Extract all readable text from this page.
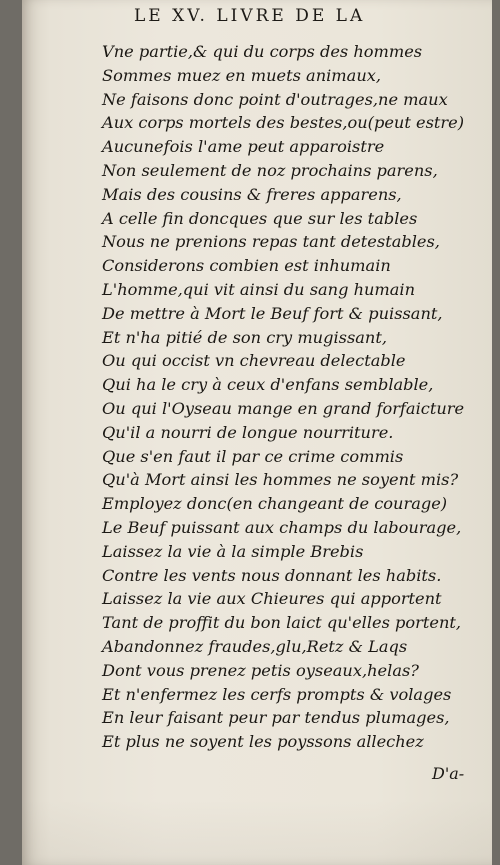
LE XV. LIVRE DE LA
Vne partie,& qui du corps des hommes
Sommes muez en muets animaux,
Ne faisons donc point d'outrages,ne maux
Aux corps mortels des bestes,ou(peut estre)
Aucunefois l'ame peut apparoistre
Non seulement de noz prochains parens,
Mais des cousins & freres apparens,
A celle fin doncques que sur les tables
Nous ne prenions repas tant detestables,
Considerons combien est inhumain
L'homme,qui vit ainsi du sang humain
De mettre à Mort le Beuf fort & puissant,
Et n'ha pitié de son cry mugissant,
Ou qui occist vn chevreau delectable
Qui ha le cry à ceux d'enfans semblable,
Ou qui l'Oyseau mange en grand forfaicture
Qu'il a nourri de longue nourriture.
Que s'en faut il par ce crime commis
Qu'à Mort ainsi les hommes ne soyent mis?
Employez donc(en changeant de courage)
Le Beuf puissant aux champs du labourage,
Laissez la vie à la simple Brebis
Contre les vents nous donnant les habits.
Laissez la vie aux Chieures qui apportent
Tant de proffit du bon laict qu'elles portent,
Abandonnez fraudes,glu,Retz & Laqs
Dont vous prenez petis oyseaux,helas?
Et n'enfermez les cerfs prompts & volages
En leur faisant peur par tendus plumages,
Et plus ne soyent les poyssons allechez
D'a-
